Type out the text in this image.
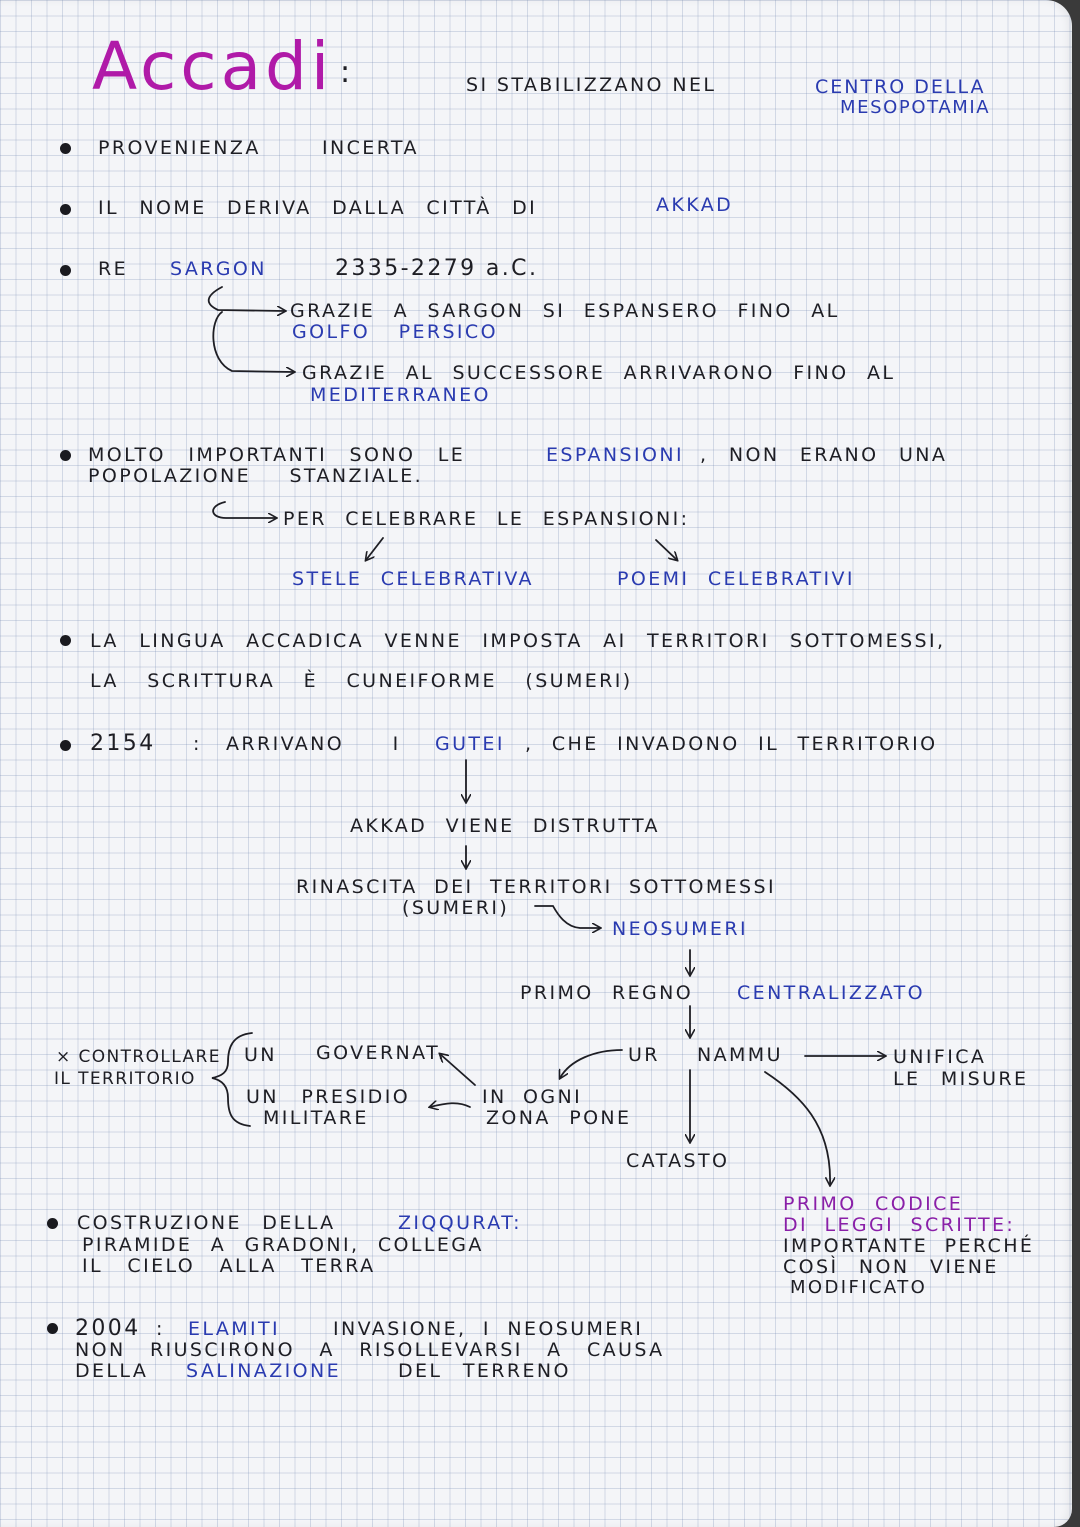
Accadi :	SI STABILIZZANO NEL	CENTRO DELLA
MESOPOTAMIA
PROVENIENZA	INCERTA
IL NOME DERIVA DALLA CITTÀ DI	AKKAD
RE SARGON	2335-2279 a.C.
GRAZIE A SARGON SI ESPANSERO FINO AL
GOLFO PERSICO
GRAZIE AL SUCCESSORE ARRIVARONO FINO AL
MEDITERRANEO
MOLTO IMPORTANTI SONO LE	ESPANSIONI , NON ERANO UNA
POPOLAZIONE STANZIALE.
PER CELEBRARE LE ESPANSIONI:
STELE CELEBRATIVA	POEMI CELEBRATIVI
LA LINGUA ACCADICA VENNE IMPOSTA AI TERRITORI SOTTOMESSI,
LA SCRITTURA È CUNEIFORME (SUMERI)
2154 : ARRIVANO I GUTEI , CHE INVADONO IL TERRITORIO
AKKAD VIENE DISTRUTTA
RINASCITA DEI TERRITORI SOTTOMESSI
(SUMERI)
NEOSUMERI
PRIMO REGNO CENTRALIZZATO
UR NAMMU	UNIFICA
LE MISURE
CATASTO
× CONTROLLARE
IL TERRITORIO
UN GOVERNAT.
UN PRESIDIO
MILITARE
IN OGNI
ZONA PONE
PRIMO CODICE
DI LEGGI SCRITTE:
IMPORTANTE PERCHÉ
COSÌ NON VIENE
MODIFICATO
COSTRUZIONE DELLA	ZIQQURAT:
PIRAMIDE A GRADONI, COLLEGA
IL CIELO ALLA TERRA
2004 : ELAMITI	INVASIONE, I NEOSUMERI
NON RIUSCIRONO A RISOLLEVARSI A CAUSA
DELLA SALINAZIONE	DEL TERRENO
